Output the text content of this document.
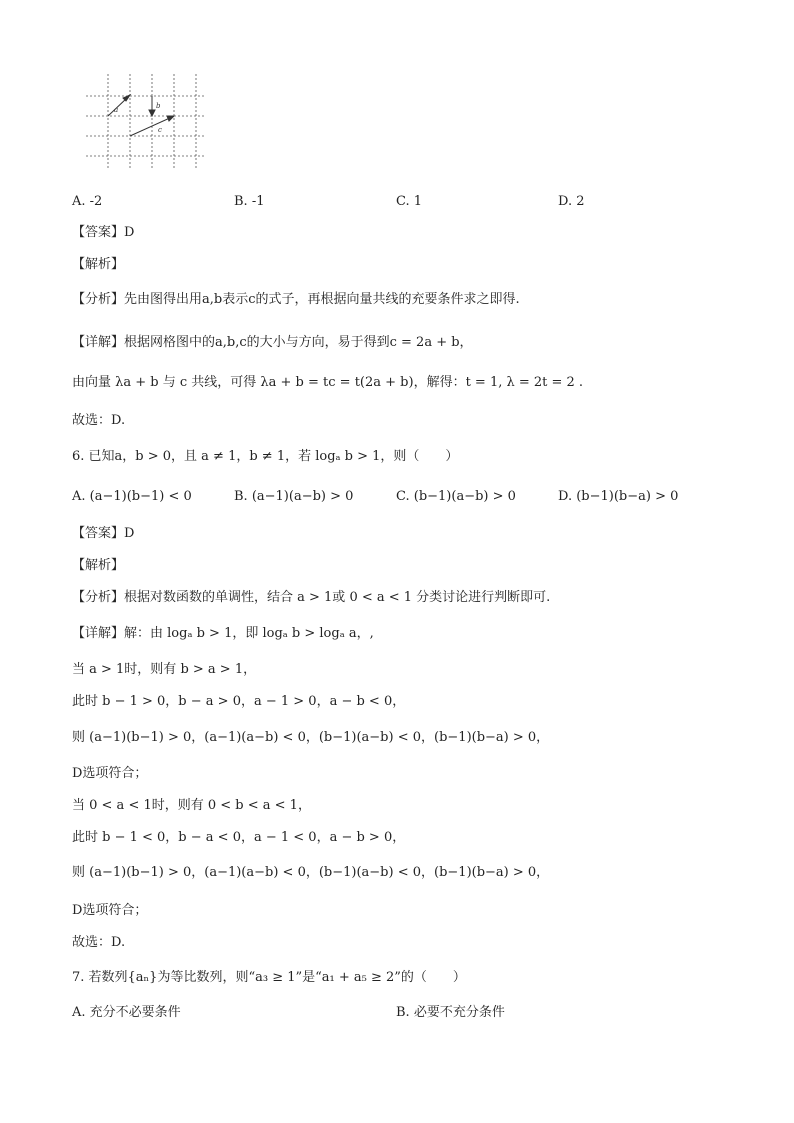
a	b
c
A. -2	B. -1	C. 1	D. 2
【答案】D
【解析】
【分析】先由图得出用a,b表示c的式子，再根据向量共线的充要条件求之即得.
【详解】根据网格图中的a,b,c的大小与方向，易于得到c = 2a + b，
由向量 λa + b 与 c 共线，可得 λa + b = tc = t(2a + b)，解得：t = 1, λ = 2t = 2 .
故选：D.
6. 已知a，b > 0，且 a ≠ 1，b ≠ 1，若 logₐ b > 1，则（　　）
A. (a−1)(b−1) < 0	B. (a−1)(a−b) > 0	C. (b−1)(a−b) > 0	D. (b−1)(b−a) > 0
【答案】D
【解析】
【分析】根据对数函数的单调性，结合 a > 1或 0 < a < 1 分类讨论进行判断即可.
【详解】解：由 logₐ b > 1，即 logₐ b > logₐ a，,
当 a > 1时，则有 b > a > 1，
此时 b − 1 > 0，b − a > 0，a − 1 > 0，a − b < 0，
则 (a−1)(b−1) > 0，(a−1)(a−b) < 0，(b−1)(a−b) < 0，(b−1)(b−a) > 0，
D选项符合；
当 0 < a < 1时，则有 0 < b < a < 1，
此时 b − 1 < 0，b − a < 0，a − 1 < 0，a − b > 0，
则 (a−1)(b−1) > 0，(a−1)(a−b) < 0，(b−1)(a−b) < 0，(b−1)(b−a) > 0，
D选项符合；
故选：D.
7. 若数列{aₙ}为等比数列，则“a₃ ≥ 1”是“a₁ + a₅ ≥ 2”的（　　）
A. 充分不必要条件	B. 必要不充分条件
